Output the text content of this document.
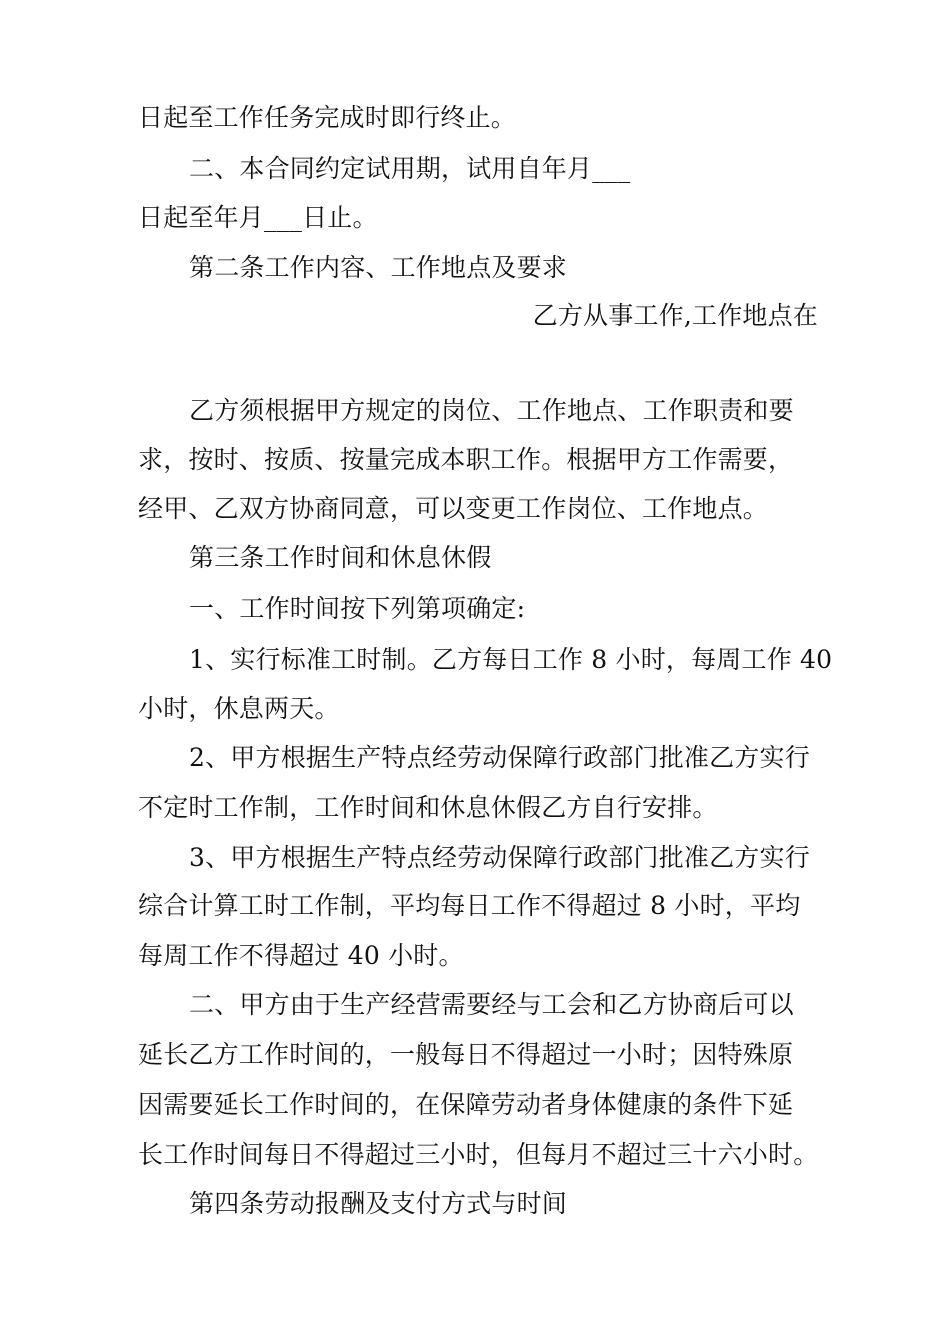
日起至工作任务完成时即行终止。
二、本合同约定试用期，试用自年月___
日起至年月___日止。
第二条工作内容、工作地点及要求
乙方从事工作,工作地点在
乙方须根据甲方规定的岗位、工作地点、工作职责和要
求，按时、按质、按量完成本职工作。根据甲方工作需要，
经甲、乙双方协商同意，可以变更工作岗位、工作地点。
第三条工作时间和休息休假
一、工作时间按下列第项确定:
1、实行标准工时制。乙方每日工作 8 小时，每周工作 40
小时，休息两天。
2、甲方根据生产特点经劳动保障行政部门批准乙方实行
不定时工作制，工作时间和休息休假乙方自行安排。
3、甲方根据生产特点经劳动保障行政部门批准乙方实行
综合计算工时工作制，平均每日工作不得超过 8 小时，平均
每周工作不得超过 40 小时。
二、甲方由于生产经营需要经与工会和乙方协商后可以
延长乙方工作时间的，一般每日不得超过一小时；因特殊原
因需要延长工作时间的，在保障劳动者身体健康的条件下延
长工作时间每日不得超过三小时，但每月不超过三十六小时。
第四条劳动报酬及支付方式与时间
